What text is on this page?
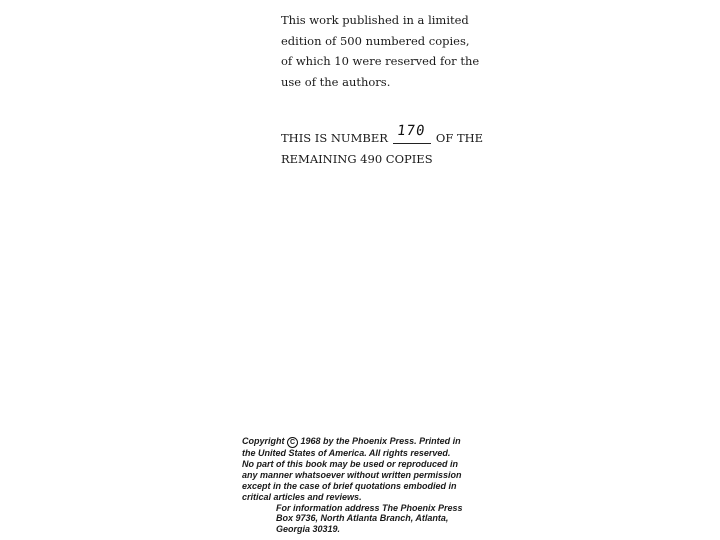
This work published in a limited
edition of 500 numbered copies,
of which 10 were reserved for the
use of the authors.
THIS IS NUMBER 170 OF THE
REMAINING 490 COPIES
Copyright C 1968 by the Phoenix Press. Printed in
the United States of America. All rights reserved.
No part of this book may be used or reproduced in
any manner whatsoever without written permission
except in the case of brief quotations embodied in
critical articles and reviews.
For information address The Phoenix Press
Box 9736, North Atlanta Branch, Atlanta,
Georgia 30319.
